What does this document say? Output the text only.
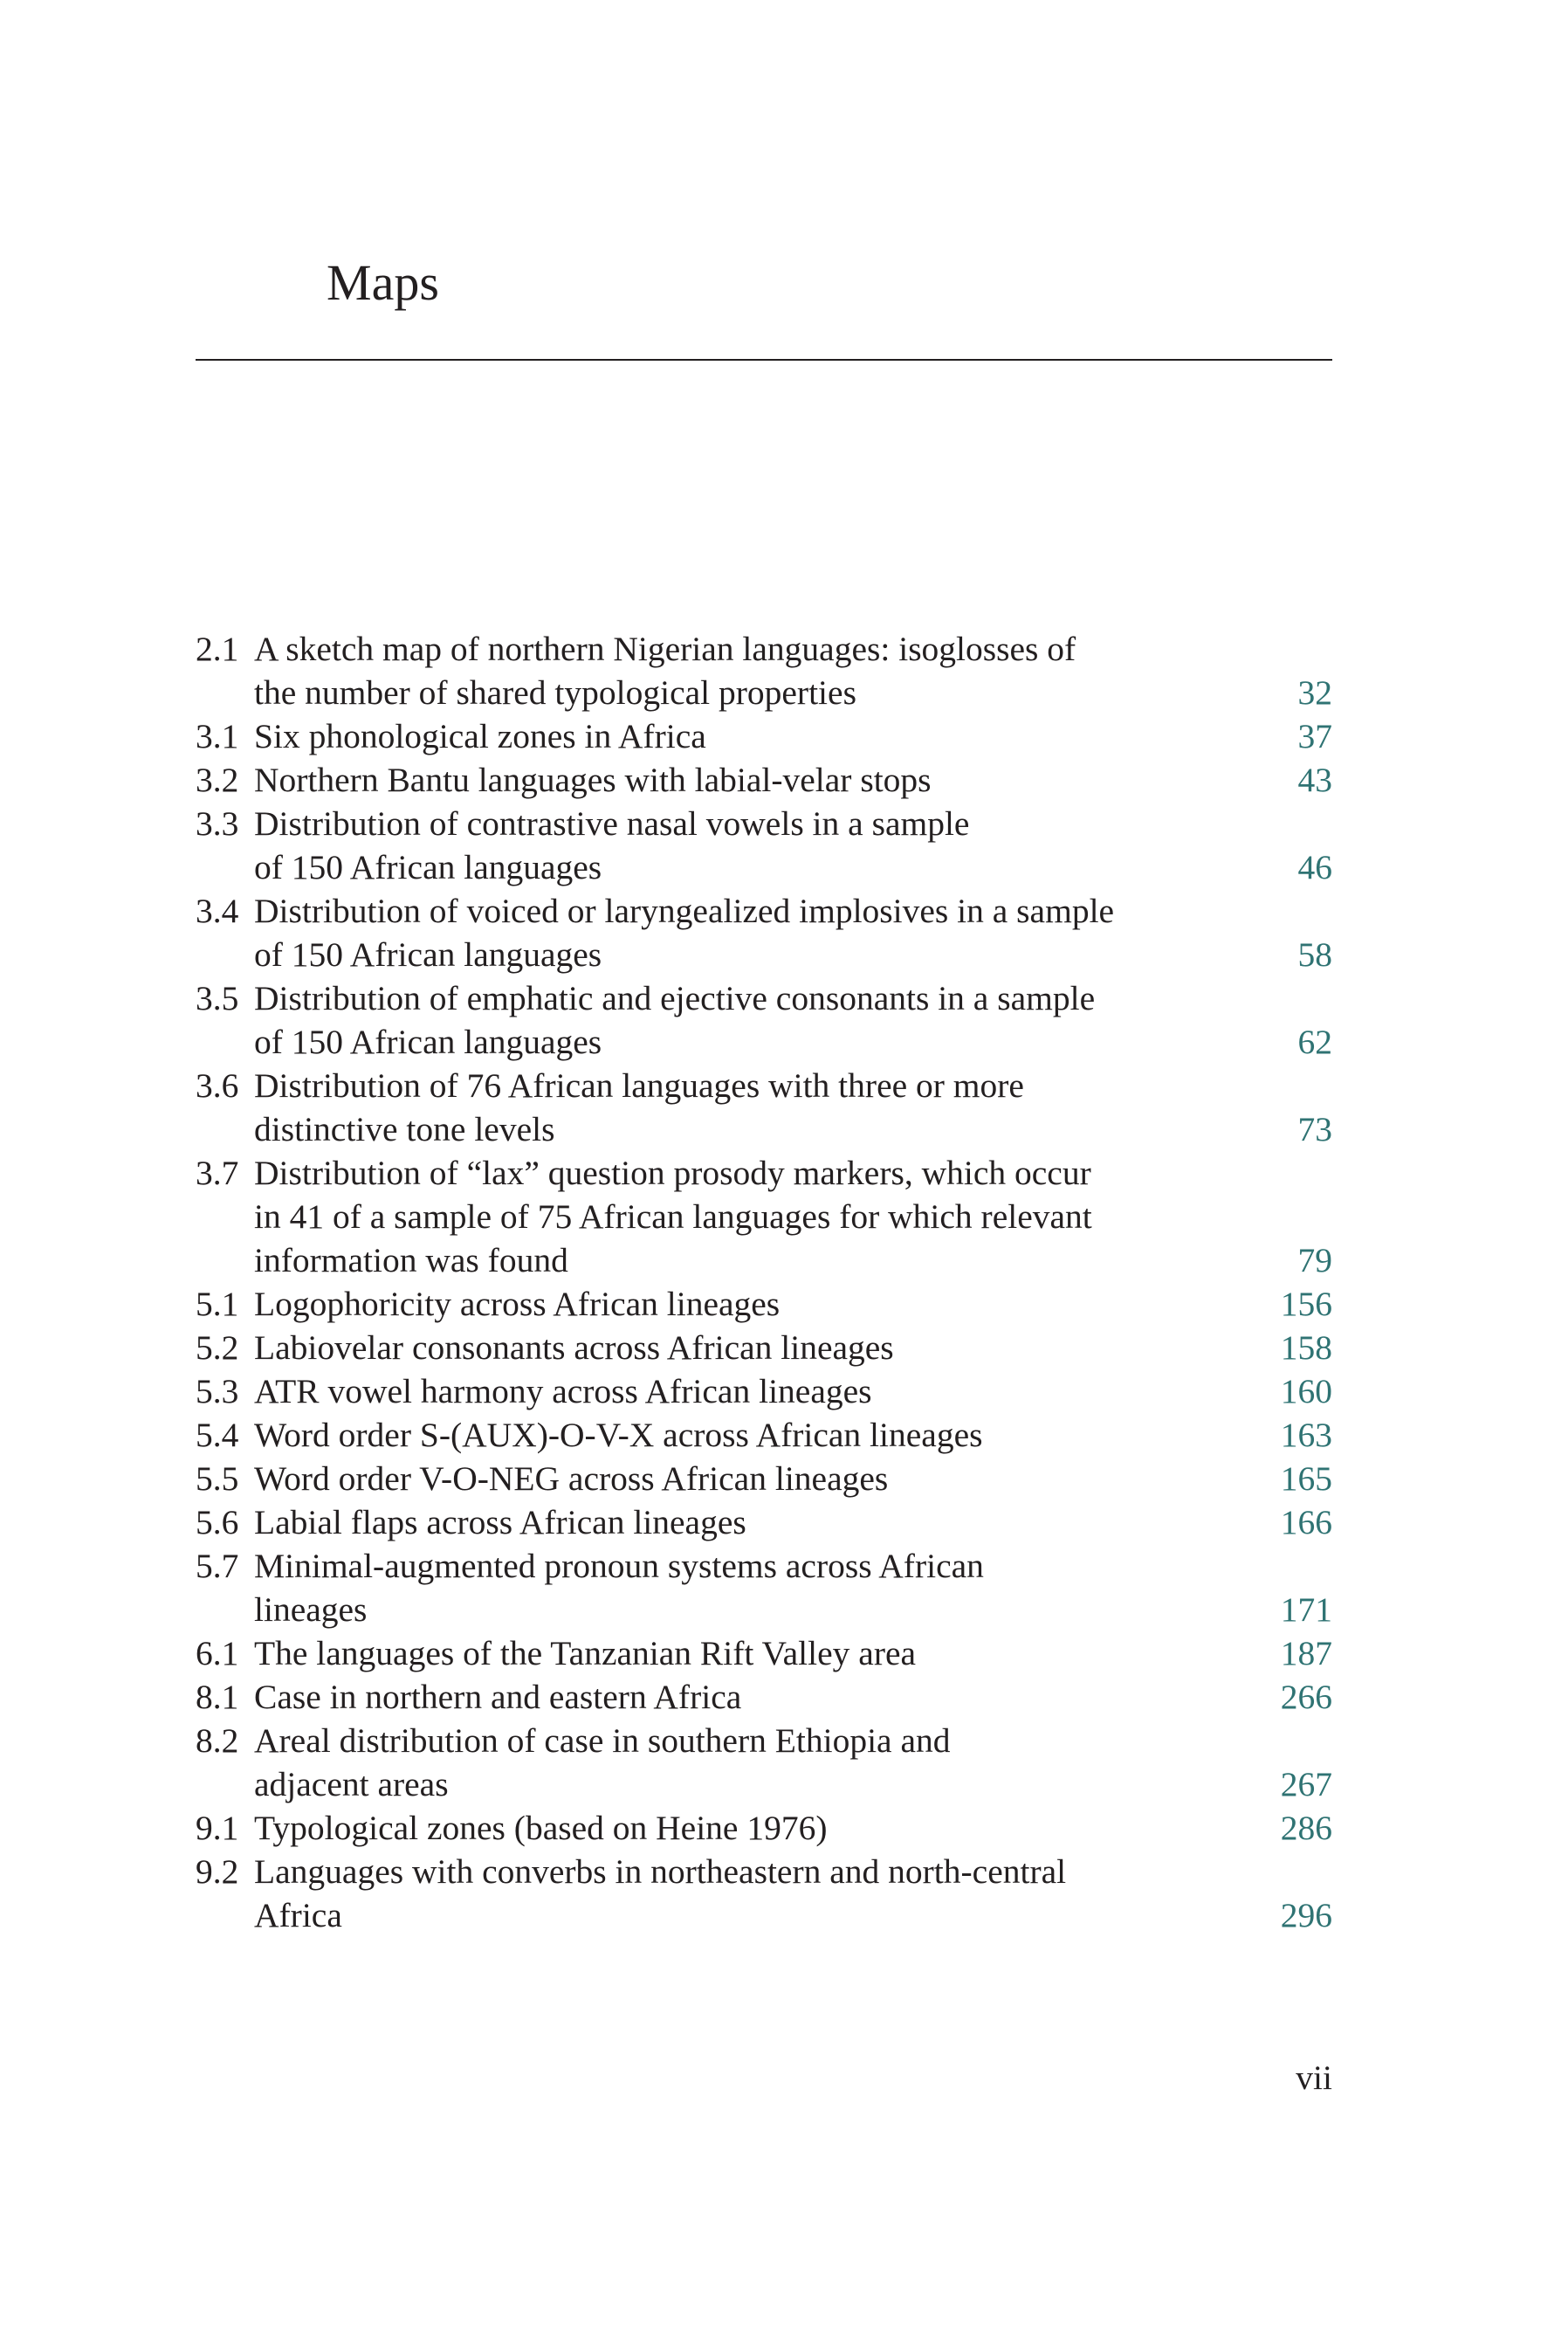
Maps
2.1 A sketch map of northern Nigerian languages: isoglosses of
the number of shared typological properties	32
3.1 Six phonological zones in Africa	37
3.2 Northern Bantu languages with labial-velar stops	43
3.3 Distribution of contrastive nasal vowels in a sample
of 150 African languages	46
3.4 Distribution of voiced or laryngealized implosives in a sample
of 150 African languages	58
3.5 Distribution of emphatic and ejective consonants in a sample
of 150 African languages	62
3.6 Distribution of 76 African languages with three or more
distinctive tone levels	73
3.7 Distribution of “lax” question prosody markers, which occur
in 41 of a sample of 75 African languages for which relevant
information was found	79
5.1 Logophoricity across African lineages	156
5.2 Labiovelar consonants across African lineages	158
5.3 ATR vowel harmony across African lineages	160
5.4 Word order S-(AUX)-O-V-X across African lineages	163
5.5 Word order V-O-NEG across African lineages	165
5.6 Labial flaps across African lineages	166
5.7 Minimal-augmented pronoun systems across African
lineages	171
6.1 The languages of the Tanzanian Rift Valley area	187
8.1 Case in northern and eastern Africa	266
8.2 Areal distribution of case in southern Ethiopia and
adjacent areas	267
9.1 Typological zones (based on Heine 1976)	286
9.2 Languages with converbs in northeastern and north-central
Africa	296
vii
